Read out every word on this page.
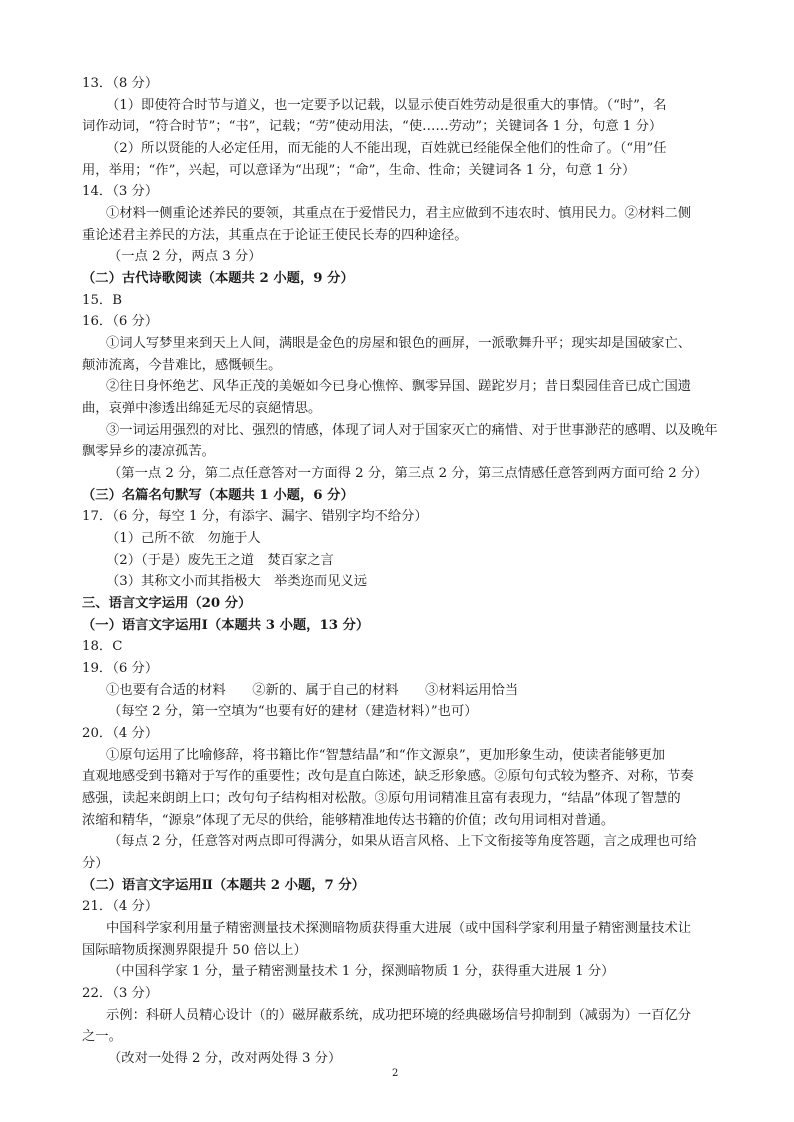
13．（8 分）
（1）即使符合时节与道义，也一定要予以记载，以显示使百姓劳动是很重大的事情。（“时”，名
词作动词，“符合时节”；“书”，记载；“劳”使动用法，“使……劳动”；关键词各 1 分，句意 1 分）
（2）所以贤能的人必定任用，而无能的人不能出现，百姓就已经能保全他们的性命了。（“用”任
用，举用；“作”，兴起，可以意译为“出现”；“命”，生命、性命；关键词各 1 分，句意 1 分）
14．（3 分）
①材料一侧重论述养民的要领，其重点在于爱惜民力，君主应做到不违农时、慎用民力。②材料二侧
重论述君主养民的方法，其重点在于论证王使民长寿的四种途径。
（一点 2 分，两点 3 分）
（二）古代诗歌阅读（本题共 2 小题，9 分）
15．B
16．（6 分）
①词人写梦里来到天上人间，满眼是金色的房屋和银色的画屏，一派歌舞升平；现实却是国破家亡、
颠沛流离，今昔难比，感慨顿生。
②往日身怀绝艺、风华正茂的美姬如今已身心憔悴、飘零异国、蹉跎岁月；昔日梨园佳音已成亡国遗
曲，哀弹中渗透出绵延无尽的哀絕情思。
③一词运用强烈的对比、强烈的情感，体现了词人对于国家灭亡的痛惜、对于世事渺茫的感喟、以及晚年
飘零异乡的凄凉孤苦。
（第一点 2 分，第二点任意答对一方面得 2 分，第三点 2 分，第三点情感任意答到两方面可给 2 分）
（三）名篇名句默写（本题共 1 小题，6 分）
17．（6 分，每空 1 分，有添字、漏字、错别字均不给分）
（1）己所不欲　勿施于人
（2）（于是）废先王之道　焚百家之言
（3）其称文小而其指极大　举类迩而见义远
三、语言文字运用（20 分）
（一）语言文字运用Ⅰ（本题共 3 小题，13 分）
18．C
19．（6 分）
①也要有合适的材料　　②新的、属于自己的材料　　③材料运用恰当
（每空 2 分，第一空填为“也要有好的建材（建造材料）”也可）
20．（4 分）
①原句运用了比喻修辞，将书籍比作“智慧结晶”和“作文源泉”，更加形象生动，使读者能够更加
直观地感受到书籍对于写作的重要性；改句是直白陈述，缺乏形象感。②原句句式较为整齐、对称，节奏
感强，读起来朗朗上口；改句句子结构相对松散。③原句用词精准且富有表现力，“结晶”体现了智慧的
浓缩和精华，“源泉”体现了无尽的供给，能够精准地传达书籍的价值；改句用词相对普通。
（每点 2 分，任意答对两点即可得满分，如果从语言风格、上下文衔接等角度答题，言之成理也可给
分）
（二）语言文字运用Ⅱ（本题共 2 小题，7 分）
21．（4 分）
中国科学家利用量子精密测量技术探测暗物质获得重大进展（或中国科学家利用量子精密测量技术让
国际暗物质探测界限提升 50 倍以上）
（中国科学家 1 分，量子精密测量技术 1 分，探测暗物质 1 分，获得重大进展 1 分）
22．（3 分）
示例：科研人员精心设计（的）磁屏蔽系统，成功把环境的经典磁场信号抑制到（减弱为）一百亿分
之一。
（改对一处得 2 分，改对两处得 3 分）
2
